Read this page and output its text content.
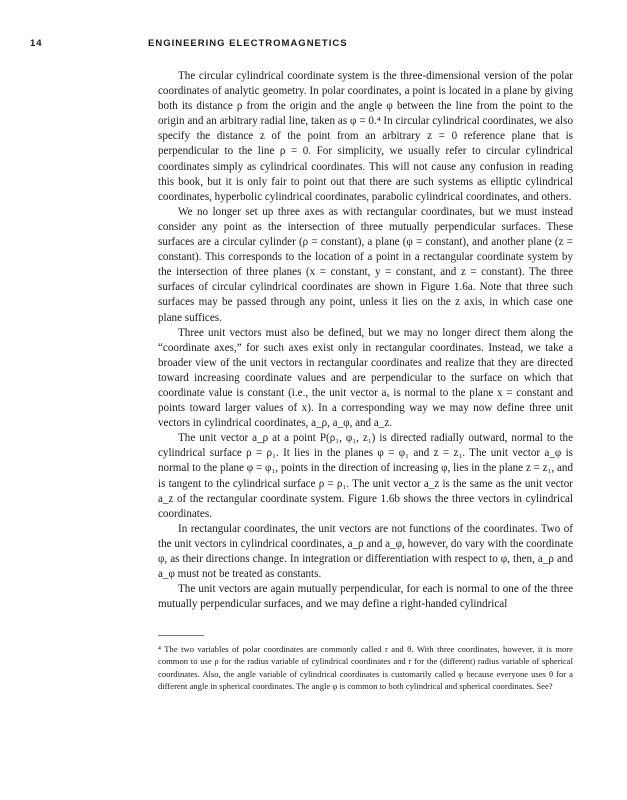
14	ENGINEERING ELECTROMAGNETICS

The circular cylindrical coordinate system is the three-dimensional version of the polar coordinates of analytic geometry. In polar coordinates, a point is located in a plane by giving both its distance ρ from the origin and the angle φ between the line from the point to the origin and an arbitrary radial line, taken as φ = 0.⁴ In circular cylindrical coordinates, we also specify the distance z of the point from an arbitrary z = 0 reference plane that is perpendicular to the line ρ = 0. For simplicity, we usually refer to circular cylindrical coordinates simply as cylindrical coordinates. This will not cause any confusion in reading this book, but it is only fair to point out that there are such systems as elliptic cylindrical coordinates, hyperbolic cylindrical coordinates, parabolic cylindrical coordinates, and others.

We no longer set up three axes as with rectangular coordinates, but we must instead consider any point as the intersection of three mutually perpendicular surfaces. These surfaces are a circular cylinder (ρ = constant), a plane (φ = constant), and another plane (z = constant). This corresponds to the location of a point in a rectangular coordinate system by the intersection of three planes (x = constant, y = constant, and z = constant). The three surfaces of circular cylindrical coordinates are shown in Figure 1.6a. Note that three such surfaces may be passed through any point, unless it lies on the z axis, in which case one plane suffices.

Three unit vectors must also be defined, but we may no longer direct them along the “coordinate axes,” for such axes exist only in rectangular coordinates. Instead, we take a broader view of the unit vectors in rectangular coordinates and realize that they are directed toward increasing coordinate values and are perpendicular to the surface on which that coordinate value is constant (i.e., the unit vector aₓ is normal to the plane x = constant and points toward larger values of x). In a corresponding way we may now define three unit vectors in cylindrical coordinates, a_ρ, a_φ, and a_z.

The unit vector a_ρ at a point P(ρ₁, φ₁, z₁) is directed radially outward, normal to the cylindrical surface ρ = ρ₁. It lies in the planes φ = φ₁ and z = z₁. The unit vector a_φ is normal to the plane φ = φ₁, points in the direction of increasing φ, lies in the plane z = z₁, and is tangent to the cylindrical surface ρ = ρ₁. The unit vector a_z is the same as the unit vector a_z of the rectangular coordinate system. Figure 1.6b shows the three vectors in cylindrical coordinates.

In rectangular coordinates, the unit vectors are not functions of the coordinates. Two of the unit vectors in cylindrical coordinates, a_ρ and a_φ, however, do vary with the coordinate φ, as their directions change. In integration or differentiation with respect to φ, then, a_ρ and a_φ must not be treated as constants.

The unit vectors are again mutually perpendicular, for each is normal to one of the three mutually perpendicular surfaces, and we may define a right-handed cylindrical

⁴ The two variables of polar coordinates are commonly called r and θ. With three coordinates, however, it is more common to use ρ for the radius variable of cylindrical coordinates and r for the (different) radius variable of spherical coordinates. Also, the angle variable of cylindrical coordinates is customarily called φ because everyone uses θ for a different angle in spherical coordinates. The angle φ is common to both cylindrical and spherical coordinates. See?
